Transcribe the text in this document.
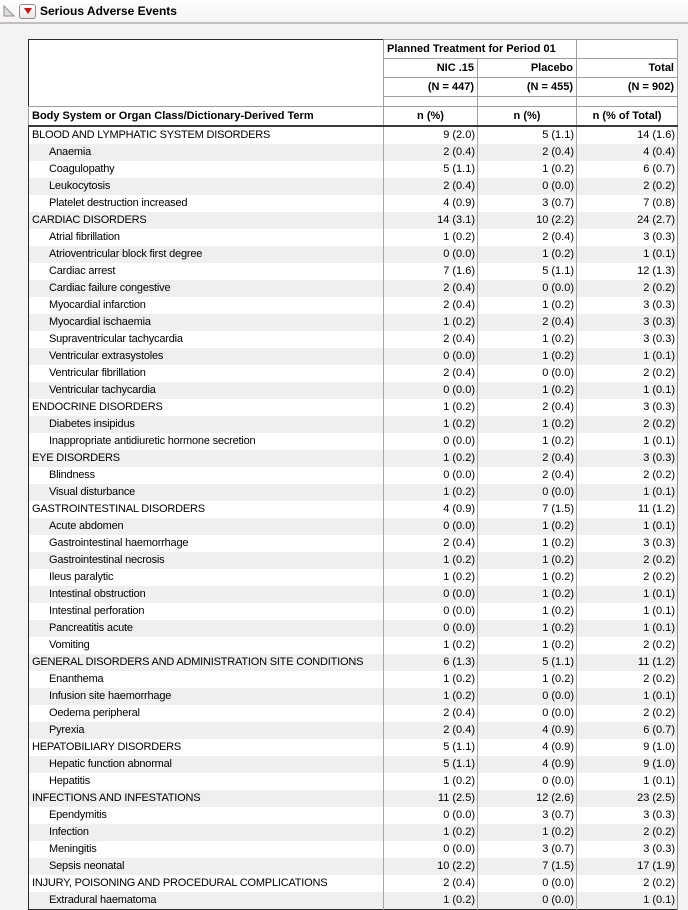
Serious Adverse Events
	Planned Treatment for Period 01		
	NIC .15	Placebo	Total
	(N = 447)	(N = 455)	(N = 902)

Body System or Organ Class/Dictionary-Derived Term	n (%)	n (%)	n (% of Total)
BLOOD AND LYMPHATIC SYSTEM DISORDERS	9 (2.0)	5 (1.1)	14 (1.6)
Anaemia	2 (0.4)	2 (0.4)	4 (0.4)
Coagulopathy	5 (1.1)	1 (0.2)	6 (0.7)
Leukocytosis	2 (0.4)	0 (0.0)	2 (0.2)
Platelet destruction increased	4 (0.9)	3 (0.7)	7 (0.8)
CARDIAC DISORDERS	14 (3.1)	10 (2.2)	24 (2.7)
Atrial fibrillation	1 (0.2)	2 (0.4)	3 (0.3)
Atrioventricular block first degree	0 (0.0)	1 (0.2)	1 (0.1)
Cardiac arrest	7 (1.6)	5 (1.1)	12 (1.3)
Cardiac failure congestive	2 (0.4)	0 (0.0)	2 (0.2)
Myocardial infarction	2 (0.4)	1 (0.2)	3 (0.3)
Myocardial ischaemia	1 (0.2)	2 (0.4)	3 (0.3)
Supraventricular tachycardia	2 (0.4)	1 (0.2)	3 (0.3)
Ventricular extrasystoles	0 (0.0)	1 (0.2)	1 (0.1)
Ventricular fibrillation	2 (0.4)	0 (0.0)	2 (0.2)
Ventricular tachycardia	0 (0.0)	1 (0.2)	1 (0.1)
ENDOCRINE DISORDERS	1 (0.2)	2 (0.4)	3 (0.3)
Diabetes insipidus	1 (0.2)	1 (0.2)	2 (0.2)
Inappropriate antidiuretic hormone secretion	0 (0.0)	1 (0.2)	1 (0.1)
EYE DISORDERS	1 (0.2)	2 (0.4)	3 (0.3)
Blindness	0 (0.0)	2 (0.4)	2 (0.2)
Visual disturbance	1 (0.2)	0 (0.0)	1 (0.1)
GASTROINTESTINAL DISORDERS	4 (0.9)	7 (1.5)	11 (1.2)
Acute abdomen	0 (0.0)	1 (0.2)	1 (0.1)
Gastrointestinal haemorrhage	2 (0.4)	1 (0.2)	3 (0.3)
Gastrointestinal necrosis	1 (0.2)	1 (0.2)	2 (0.2)
Ileus paralytic	1 (0.2)	1 (0.2)	2 (0.2)
Intestinal obstruction	0 (0.0)	1 (0.2)	1 (0.1)
Intestinal perforation	0 (0.0)	1 (0.2)	1 (0.1)
Pancreatitis acute	0 (0.0)	1 (0.2)	1 (0.1)
Vomiting	1 (0.2)	1 (0.2)	2 (0.2)
GENERAL DISORDERS AND ADMINISTRATION SITE CONDITIONS	6 (1.3)	5 (1.1)	11 (1.2)
Enanthema	1 (0.2)	1 (0.2)	2 (0.2)
Infusion site haemorrhage	1 (0.2)	0 (0.0)	1 (0.1)
Oedema peripheral	2 (0.4)	0 (0.0)	2 (0.2)
Pyrexia	2 (0.4)	4 (0.9)	6 (0.7)
HEPATOBILIARY DISORDERS	5 (1.1)	4 (0.9)	9 (1.0)
Hepatic function abnormal	5 (1.1)	4 (0.9)	9 (1.0)
Hepatitis	1 (0.2)	0 (0.0)	1 (0.1)
INFECTIONS AND INFESTATIONS	11 (2.5)	12 (2.6)	23 (2.5)
Ependymitis	0 (0.0)	3 (0.7)	3 (0.3)
Infection	1 (0.2)	1 (0.2)	2 (0.2)
Meningitis	0 (0.0)	3 (0.7)	3 (0.3)
Sepsis neonatal	10 (2.2)	7 (1.5)	17 (1.9)
INJURY, POISONING AND PROCEDURAL COMPLICATIONS	2 (0.4)	0 (0.0)	2 (0.2)
Extradural haematoma	1 (0.2)	0 (0.0)	1 (0.1)
